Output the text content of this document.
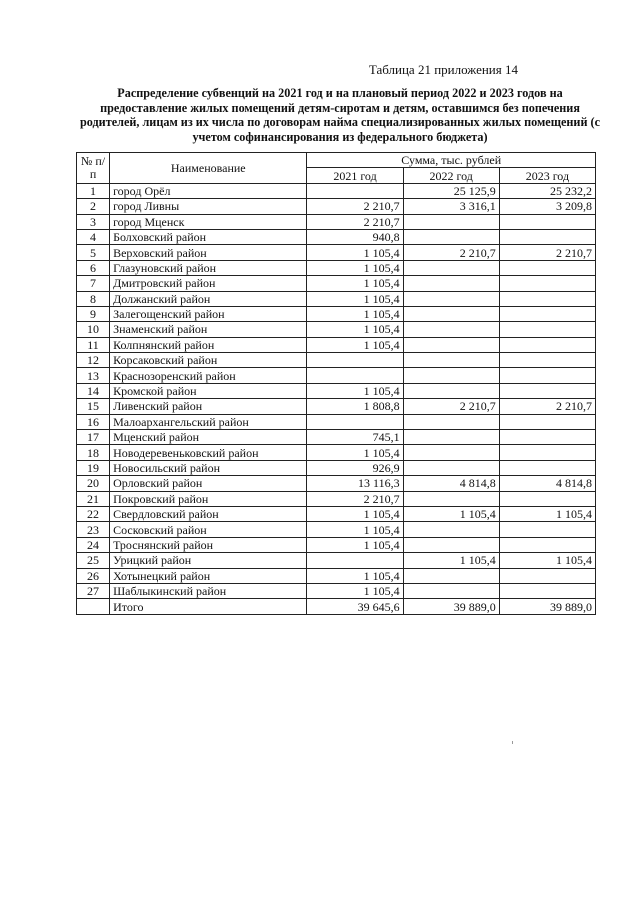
Таблица 21 приложения 14
Распределение субвенций на 2021 год и на плановый период 2022 и 2023 годов на предоставление жилых помещений детям-сиротам и детям, оставшимся без попечения родителей, лицам из их числа по договорам найма специализированных жилых помещений (с учетом софинансирования из федерального бюджета)
№ п/п	Наименование	Сумма, тыс. рублей		
		2021 год	2022 год	2023 год
1	город Орёл		25 125,9	25 232,2
2	город Ливны	2 210,7	3 316,1	3 209,8
3	город Мценск	2 210,7		
4	Болховский район	940,8		
5	Верховский район	1 105,4	2 210,7	2 210,7
6	Глазуновский район	1 105,4		
7	Дмитровский район	1 105,4		
8	Должанский район	1 105,4		
9	Залегощенский район	1 105,4		
10	Знаменский район	1 105,4		
11	Колпнянский район	1 105,4		
12	Корсаковский район			
13	Краснозоренский район			
14	Кромской район	1 105,4		
15	Ливенский район	1 808,8	2 210,7	2 210,7
16	Малоархангельский район			
17	Мценский район	745,1		
18	Новодеревеньковский район	1 105,4		
19	Новосильский район	926,9		
20	Орловский район	13 116,3	4 814,8	4 814,8
21	Покровский район	2 210,7		
22	Свердловский район	1 105,4	1 105,4	1 105,4
23	Сосковский район	1 105,4		
24	Троснянский район	1 105,4		
25	Урицкий район		1 105,4	1 105,4
26	Хотынецкий район	1 105,4		
27	Шаблыкинский район	1 105,4		
	Итого	39 645,6	39 889,0	39 889,0
